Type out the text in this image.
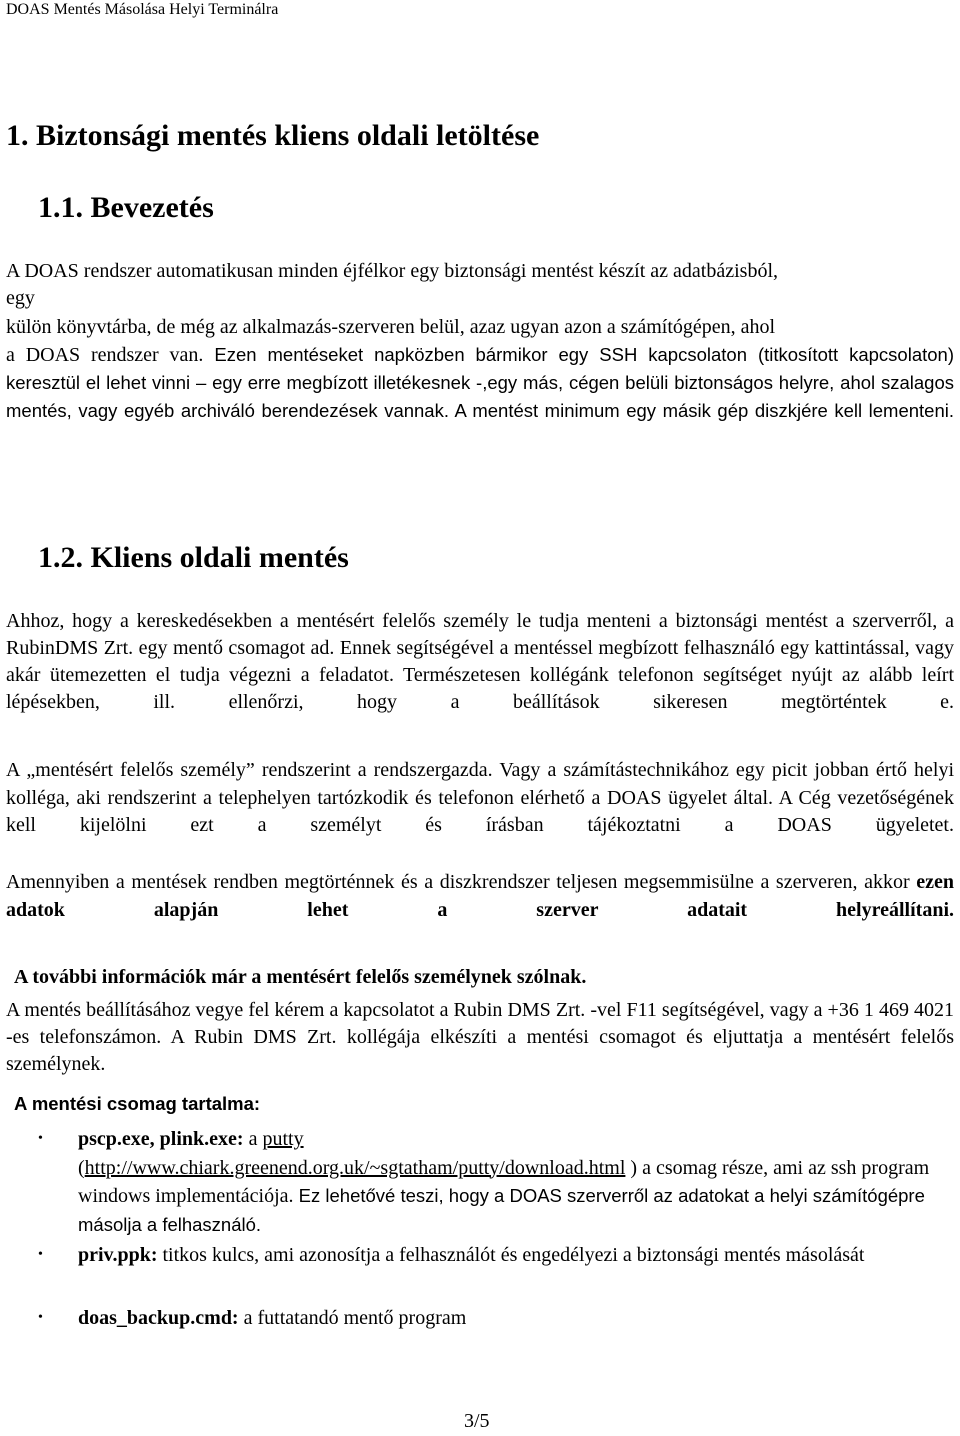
DOAS Mentés Másolása Helyi Terminálra
1. Biztonsági mentés kliens oldali letöltése
1.1. Bevezetés

A DOAS rendszer automatikusan minden éjfélkor egy biztonsági mentést készít az adatbázisból,

egy

külön könyvtárba, de még az alkalmazás-szerveren belül, azaz ugyan azon a számítógépen, ahol

a DOAS rendszer van. Ezen mentéseket napközben bármikor egy SSH kapcsolaton (titkosított kapcsolaton) keresztül el lehet vinni – egy erre megbízott illetékesnek -,egy más, cégen belüli biztonságos helyre, ahol szalagos mentés, vagy egyéb archiváló berendezések vannak. A mentést minimum egy másik gép diszkjére kell lementeni.

1.2. Kliens oldali mentés

Ahhoz, hogy a kereskedésekben a mentésért felelős személy le tudja menteni a biztonsági mentést a szerverről, a RubinDMS Zrt. egy mentő csomagot ad. Ennek segítségével a mentéssel megbízott felhasználó egy kattintással, vagy akár ütemezetten el tudja végezni a feladatot. Természetesen kollégánk telefonon segítséget nyújt az alább leírt lépésekben, ill. ellenőrzi, hogy a beállítások sikeresen megtörténtek e.

A „mentésért felelős személy” rendszerint a rendszergazda. Vagy a számítástechnikához egy picit jobban értő helyi kolléga, aki rendszerint a telephelyen tartózkodik és telefonon elérhető a DOAS ügyelet által. A Cég vezetőségének kell kijelölni ezt a személyt és írásban tájékoztatni a DOAS ügyeletet.

Amennyiben a mentések rendben megtörténnek és a diszkrendszer teljesen megsemmisülne a szerveren, akkor ezen adatok alapján lehet a szerver adatait helyreállítani.

A további információk már a mentésért felelős személynek szólnak.

A mentés beállításához vegye fel kérem a kapcsolatot a Rubin DMS Zrt. -vel F11 segítségével, vagy a +36 1 469 4021 -es telefonszámon. A Rubin DMS Zrt. kollégája elkészíti a mentési csomagot és eljuttatja a mentésért felelős személynek.

A mentési csomag tartalma:

• pscp.exe, plink.exe: a putty
(http://www.chiark.greenend.org.uk/~sgtatham/putty/download.html ) a csomag része, ami az ssh program windows implementációja. Ez lehetővé teszi, hogy a DOAS szerverről az adatokat a helyi számítógépre másolja a felhasználó.
• priv.ppk: titkos kulcs, ami azonosítja a felhasználót és engedélyezi a biztonsági mentés másolását
• doas_backup.cmd: a futtatandó mentő program
3/5
